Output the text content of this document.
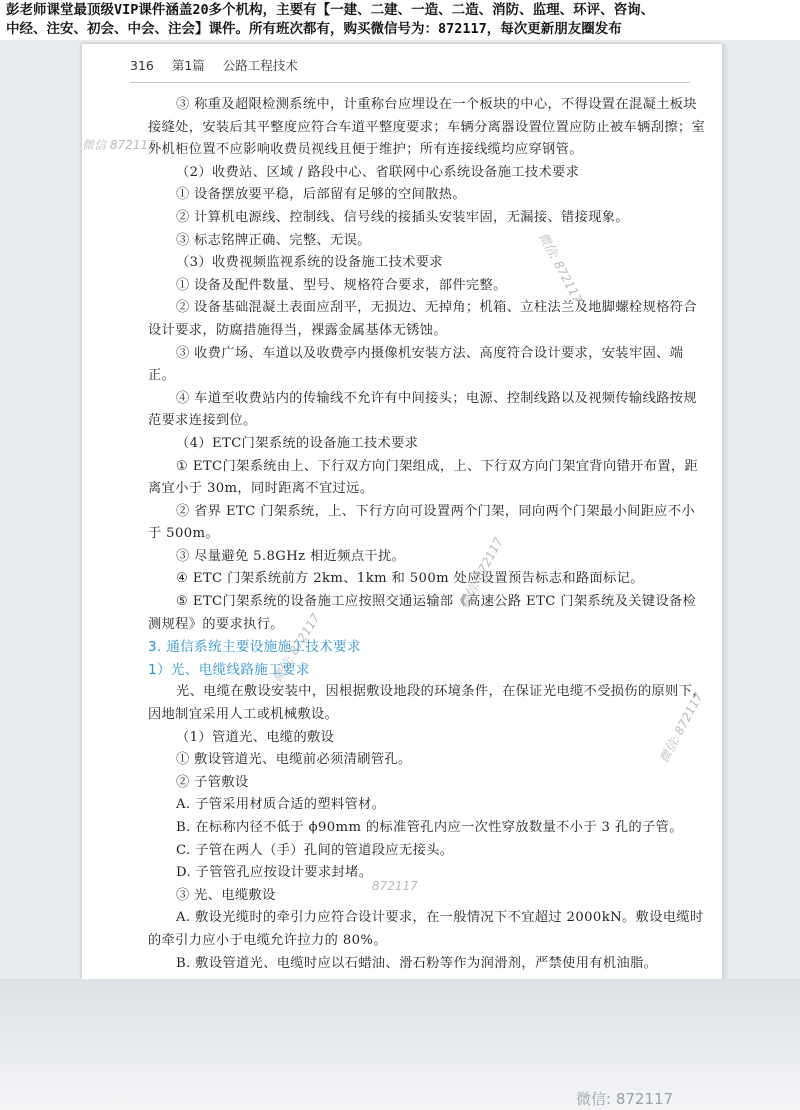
彭老师课堂最顶级VIP课件涵盖20多个机构，主要有【一建、二建、一造、二造、消防、监理、环评、咨询、
中经、注安、初会、中会、注会】课件。所有班次都有，购买微信号为：872117，每次更新朋友圈发布
316 第1篇 公路工程技术

③ 称重及超限检测系统中，计重称台应埋设在一个板块的中心，不得设置在混凝土板块接缝处，安装后其平整度应符合车道平整度要求；车辆分离器设置位置应防止被车辆刮擦；室外机柜位置不应影响收费员视线且便于维护；所有连接线缆均应穿钢管。

（2）收费站、区域 / 路段中心、省联网中心系统设备施工技术要求

① 设备摆放要平稳，后部留有足够的空间散热。

② 计算机电源线、控制线、信号线的接插头安装牢固，无漏接、错接现象。

③ 标志铭牌正确、完整、无误。

（3）收费视频监视系统的设备施工技术要求

① 设备及配件数量、型号、规格符合要求，部件完整。

② 设备基础混凝土表面应刮平，无损边、无掉角；机箱、立柱法兰及地脚螺栓规格符合设计要求，防腐措施得当，裸露金属基体无锈蚀。

③ 收费广场、车道以及收费亭内摄像机安装方法、高度符合设计要求，安装牢固、端正。

④ 车道至收费站内的传输线不允许有中间接头；电源、控制线路以及视频传输线路按规范要求连接到位。

（4）ETC门架系统的设备施工技术要求

① ETC门架系统由上、下行双方向门架组成，上、下行双方向门架宜背向错开布置，距离宜小于 30m，同时距离不宜过远。

② 省界 ETC 门架系统，上、下行方向可设置两个门架，同向两个门架最小间距应不小于 500m。

③ 尽量避免 5.8GHz 相近频点干扰。

④ ETC 门架系统前方 2km、1km 和 500m 处应设置预告标志和路面标记。

⑤ ETC门架系统的设备施工应按照交通运输部《高速公路 ETC 门架系统及关键设备检测规程》的要求执行。

3. 通信系统主要设施施工技术要求

1）光、电缆线路施工要求

光、电缆在敷设安装中，因根据敷设地段的环境条件，在保证光电缆不受损伤的原则下，因地制宜采用人工或机械敷设。

（1）管道光、电缆的敷设

① 敷设管道光、电缆前必须清刷管孔。

② 子管敷设

A. 子管采用材质合适的塑料管材。

B. 在标称内径不低于 ϕ90mm 的标准管孔内应一次性穿放数量不小于 3 孔的子管。

C. 子管在两人（手）孔间的管道段应无接头。

D. 子管管孔应按设计要求封堵。

③ 光、电缆敷设

A. 敷设光缆时的牵引力应符合设计要求，在一般情况下不宜超过 2000kN。敷设电缆时的牵引力应小于电缆允许拉力的 80%。

B. 敷设管道光、电缆时应以石蜡油、滑石粉等作为润滑剂，严禁使用有机油脂。

微信 872117
微信: 872117
微信: 872117
微信: 872117
微信: 872117
872117
微信: 872117
